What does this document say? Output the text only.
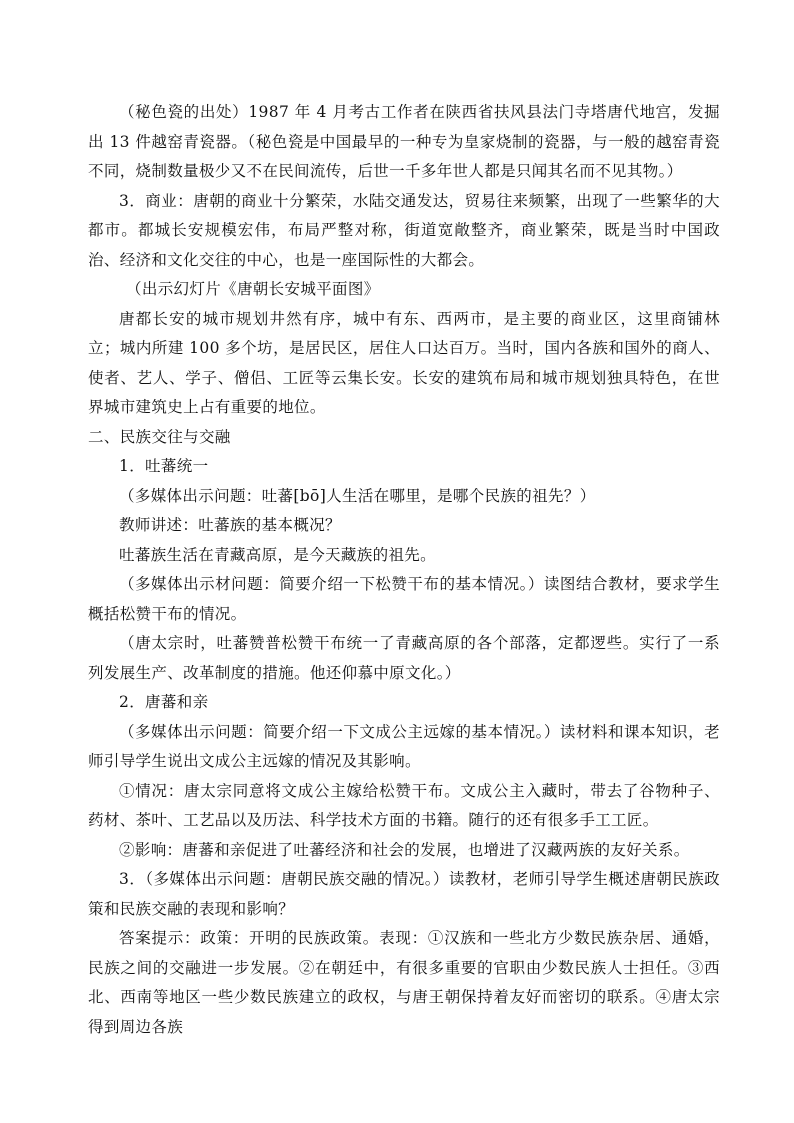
（秘色瓷的出处）1987 年 4 月考古工作者在陕西省扶风县法门寺塔唐代地宫，发掘出 13 件越窑青瓷器。（秘色瓷是中国最早的一种专为皇家烧制的瓷器，与一般的越窑青瓷不同，烧制数量极少又不在民间流传，后世一千多年世人都是只闻其名而不见其物。）

3．商业：唐朝的商业十分繁荣，水陆交通发达，贸易往来频繁，出现了一些繁华的大都市。都城长安规模宏伟，布局严整对称，街道宽敞整齐，商业繁荣，既是当时中国政治、经济和文化交往的中心，也是一座国际性的大都会。

（出示幻灯片《唐朝长安城平面图》

唐都长安的城市规划井然有序，城中有东、西两市，是主要的商业区，这里商铺林立；城内所建 100 多个坊，是居民区，居住人口达百万。当时，国内各族和国外的商人、使者、艺人、学子、僧侣、工匠等云集长安。长安的建筑布局和城市规划独具特色，在世界城市建筑史上占有重要的地位。

二、民族交往与交融

1．吐蕃统一

（多媒体出示问题：吐蕃[bō]人生活在哪里，是哪个民族的祖先？）

教师讲述：吐蕃族的基本概况？

吐蕃族生活在青藏高原，是今天藏族的祖先。

（多媒体出示材问题：简要介绍一下松赞干布的基本情况。）读图结合教材，要求学生概括松赞干布的情况。

（唐太宗时，吐蕃赞普松赞干布统一了青藏高原的各个部落，定都逻些。实行了一系列发展生产、改革制度的措施。他还仰慕中原文化。）

2．唐蕃和亲

（多媒体出示问题：简要介绍一下文成公主远嫁的基本情况。）读材料和课本知识，老师引导学生说出文成公主远嫁的情况及其影响。

①情况：唐太宗同意将文成公主嫁给松赞干布。文成公主入藏时，带去了谷物种子、药材、茶叶、工艺品以及历法、科学技术方面的书籍。随行的还有很多手工工匠。

②影响：唐蕃和亲促进了吐蕃经济和社会的发展，也增进了汉藏两族的友好关系。

3．（多媒体出示问题：唐朝民族交融的情况。）读教材，老师引导学生概述唐朝民族政策和民族交融的表现和影响？

答案提示：政策：开明的民族政策。表现：①汉族和一些北方少数民族杂居、通婚，民族之间的交融进一步发展。②在朝廷中，有很多重要的官职由少数民族人士担任。③西北、西南等地区一些少数民族建立的政权，与唐王朝保持着友好而密切的联系。④唐太宗得到周边各族
